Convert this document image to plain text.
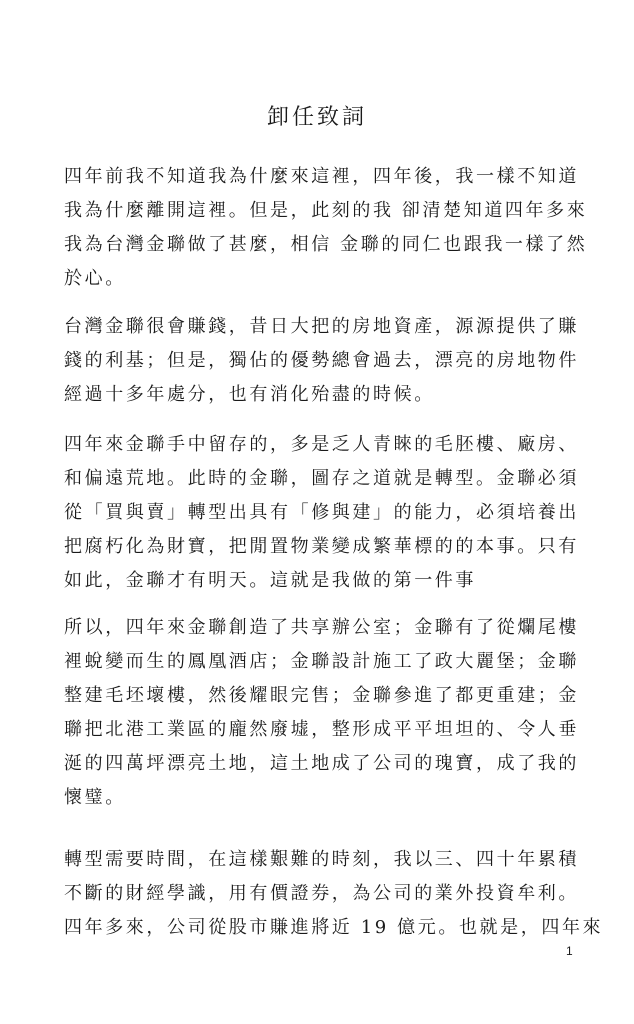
卸任致詞
四年前我不知道我為什麼來這裡，四年後，我一樣不知道
我為什麼離開這裡。但是，此刻的我 卻清楚知道四年多來
我為台灣金聯做了甚麼，相信 金聯的同仁也跟我一樣了然
於心。
台灣金聯很會賺錢，昔日大把的房地資產，源源提供了賺
錢的利基；但是，獨佔的優勢總會過去，漂亮的房地物件
經過十多年處分，也有消化殆盡的時候。
四年來金聯手中留存的，多是乏人青睞的毛胚樓、廠房、
和偏遠荒地。此時的金聯，圖存之道就是轉型。金聯必須
從「買與賣」轉型出具有「修與建」的能力，必須培養出
把腐朽化為財寶，把閒置物業變成繁華標的的本事。只有
如此，金聯才有明天。這就是我做的第一件事
所以，四年來金聯創造了共享辦公室；金聯有了從爛尾樓
裡蛻變而生的鳳凰酒店；金聯設計施工了政大麗堡；金聯
整建毛坯壞樓，然後耀眼完售；金聯參進了都更重建；金
聯把北港工業區的龐然廢墟，整形成平平坦坦的、令人垂
涎的四萬坪漂亮土地，這土地成了公司的瑰寶，成了我的
懷璧。
轉型需要時間，在這樣艱難的時刻，我以三、四十年累積
不斷的財經學識，用有價證券，為公司的業外投資牟利。
四年多來，公司從股市賺進將近 19 億元。也就是，四年來
1
